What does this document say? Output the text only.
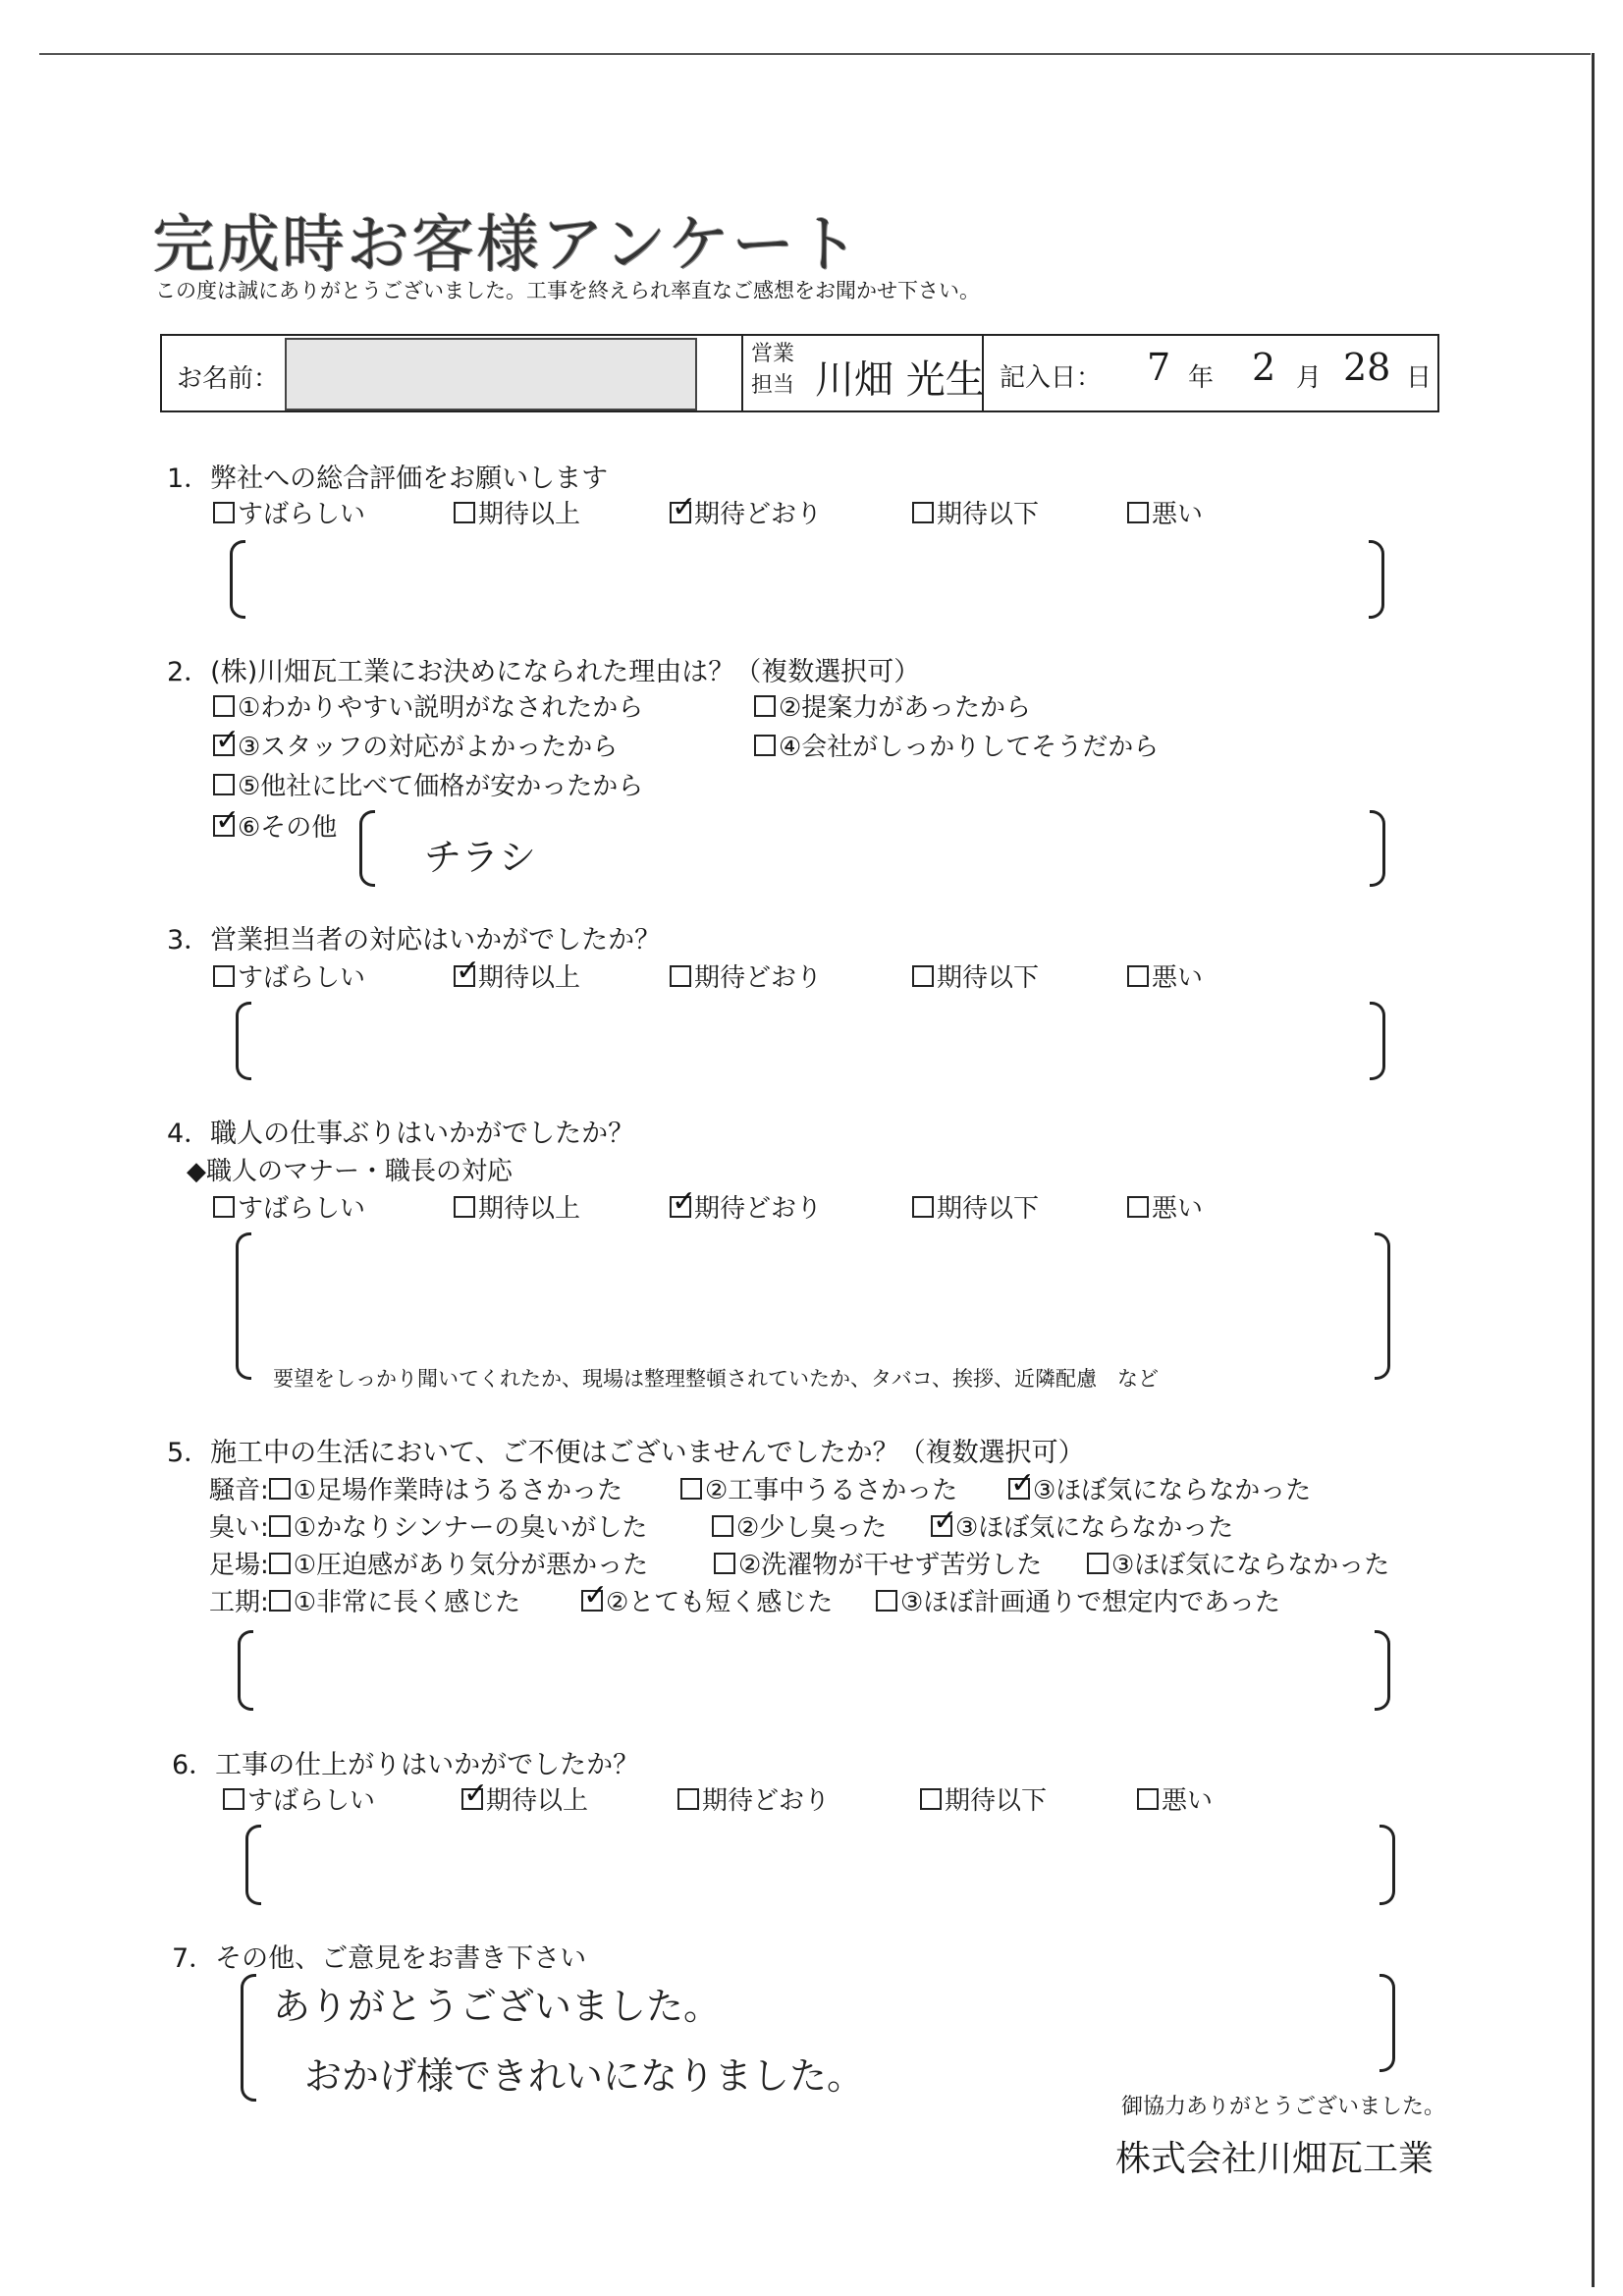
完成時お客様アンケート
この度は誠にありがとうございました。工事を終えられ率直なご感想をお聞かせ下さい。
お名前：
営業
担当 川畑 光生 記入日： 7 年 2 月 28 日
1．弊社への総合評価をお願いします
すばらしい	期待以上 ✓	期待どおり	期待以下	悪い
2．(株)川畑瓦工業にお決めになられた理由は？（複数選択可）
①わかりやすい説明がなされたから	②提案力があったから
✓③スタッフの対応がよかったから	④会社がしっかりしてそうだから
⑤他社に比べて価格が安かったから
✓⑥その他
チラシ
3．営業担当者の対応はいかがでしたか？
すばらしい ✓	期待以上	期待どおり	期待以下	悪い
4．職人の仕事ぶりはいかがでしたか？
◆職人のマナー・職長の対応
すばらしい	期待以上 ✓	期待どおり	期待以下	悪い
要望をしっかり聞いてくれたか、現場は整理整頓されていたか、タバコ、挨拶、近隣配慮　など
5．施工中の生活において、ご不便はございませんでしたか？（複数選択可）
騒音: ①足場作業時はうるさかった	②工事中うるさかった ✓	③ほぼ気にならなかった
臭い: ①かなりシンナーの臭いがした	②少し臭った ✓	③ほぼ気にならなかった
足場: ①圧迫感があり気分が悪かった	②洗濯物が干せず苦労した	③ほぼ気にならなかった
工期: ①非常に長く感じた ✓	②とても短く感じた	③ほぼ計画通りで想定内であった
6．工事の仕上がりはいかがでしたか？
すばらしい ✓	期待以上	期待どおり	期待以下	悪い
7．その他、ご意見をお書き下さい
ありがとうございました。
おかげ様できれいになりました。
御協力ありがとうございました。
株式会社川畑瓦工業
